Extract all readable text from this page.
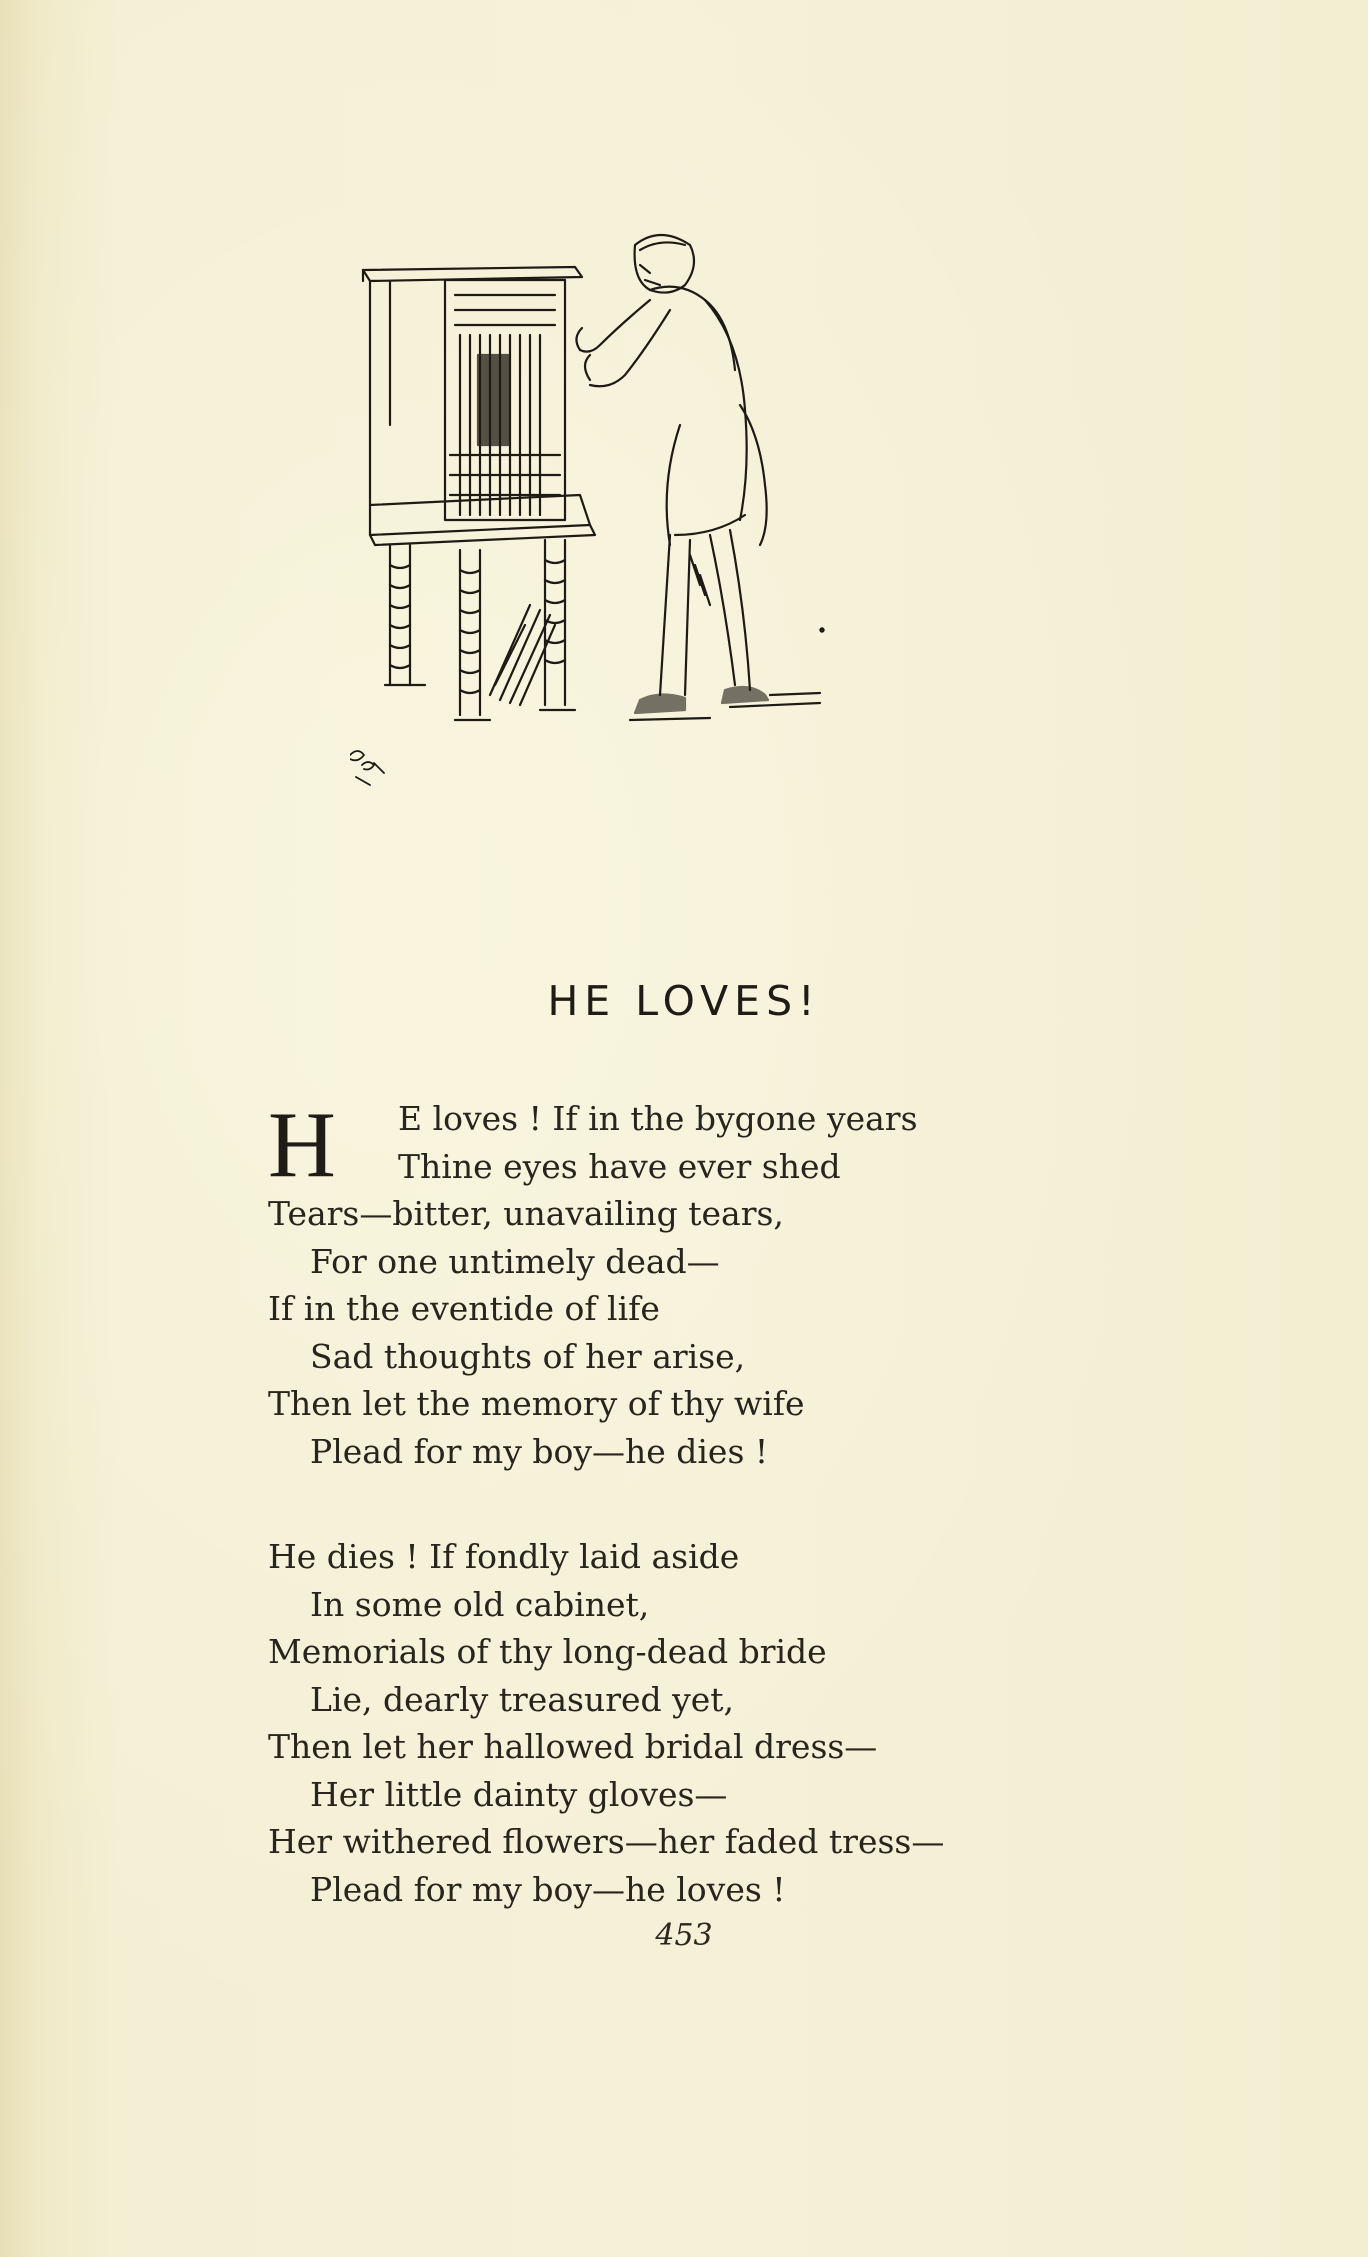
HE LOVES!
H E loves ! If in the bygone years
Thine eyes have ever shed
Tears—bitter, unavailing tears,
For one untimely dead—
If in the eventide of life
Sad thoughts of her arise,
Then let the memory of thy wife
Plead for my boy—he dies !
He dies ! If fondly laid aside
In some old cabinet,
Memorials of thy long-dead bride
Lie, dearly treasured yet,
Then let her hallowed bridal dress—
Her little dainty gloves—
Her withered flowers—her faded tress—
Plead for my boy—he loves !
453
